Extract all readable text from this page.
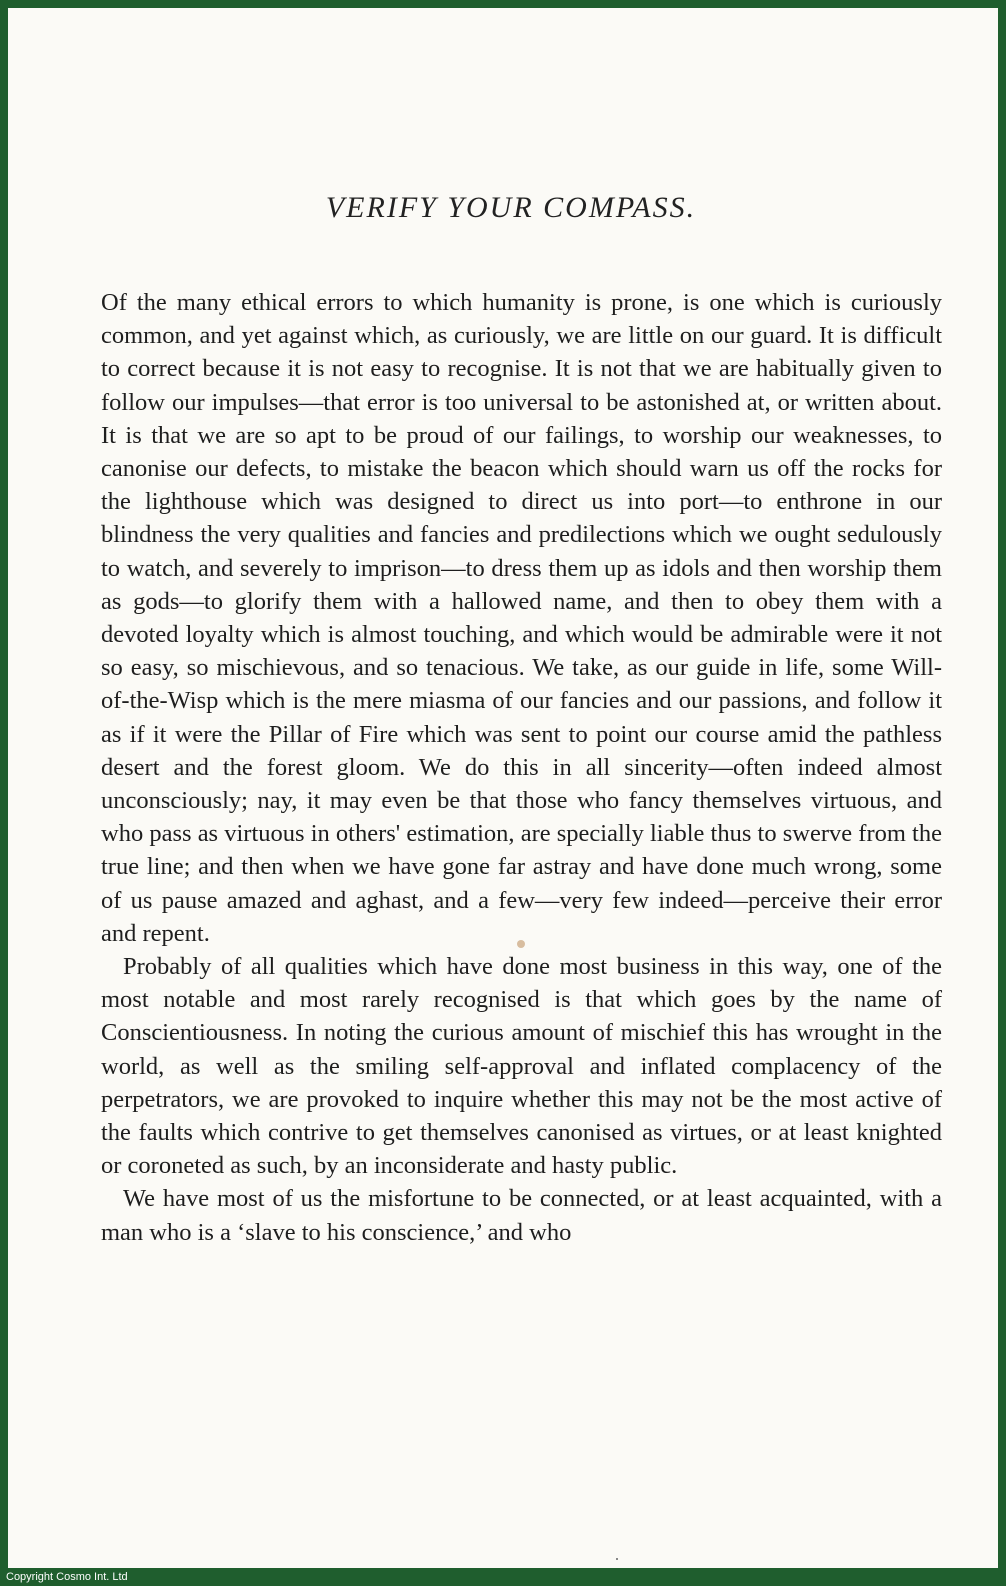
VERIFY YOUR COMPASS.

Of the many ethical errors to which humanity is prone, is one which is curiously common, and yet against which, as curiously, we are little on our guard. It is difficult to correct because it is not easy to recognise. It is not that we are habitually given to follow our impulses—that error is too universal to be astonished at, or written about. It is that we are so apt to be proud of our failings, to worship our weaknesses, to canonise our defects, to mistake the beacon which should warn us off the rocks for the lighthouse which was designed to direct us into port—to enthrone in our blindness the very qualities and fancies and predilections which we ought sedulously to watch, and severely to imprison—to dress them up as idols and then worship them as gods—to glorify them with a hallowed name, and then to obey them with a devoted loyalty which is almost touching, and which would be admirable were it not so easy, so mischievous, and so tenacious. We take, as our guide in life, some Will-of-the-Wisp which is the mere miasma of our fancies and our passions, and follow it as if it were the Pillar of Fire which was sent to point our course amid the pathless desert and the forest gloom. We do this in all sincerity—often indeed almost unconsciously; nay, it may even be that those who fancy themselves virtuous, and who pass as virtuous in others' estimation, are specially liable thus to swerve from the true line; and then when we have gone far astray and have done much wrong, some of us pause amazed and aghast, and a few—very few indeed—perceive their error and repent.

Probably of all qualities which have done most business in this way, one of the most notable and most rarely recognised is that which goes by the name of Conscientiousness. In noting the curious amount of mischief this has wrought in the world, as well as the smiling self-approval and inflated complacency of the perpetrators, we are provoked to inquire whether this may not be the most active of the faults which contrive to get themselves canonised as virtues, or at least knighted or coroneted as such, by an inconsiderate and hasty public.

We have most of us the misfortune to be connected, or at least acquainted, with a man who is a ‘slave to his conscience,’ and who

Copyright Cosmo Int. Ltd
